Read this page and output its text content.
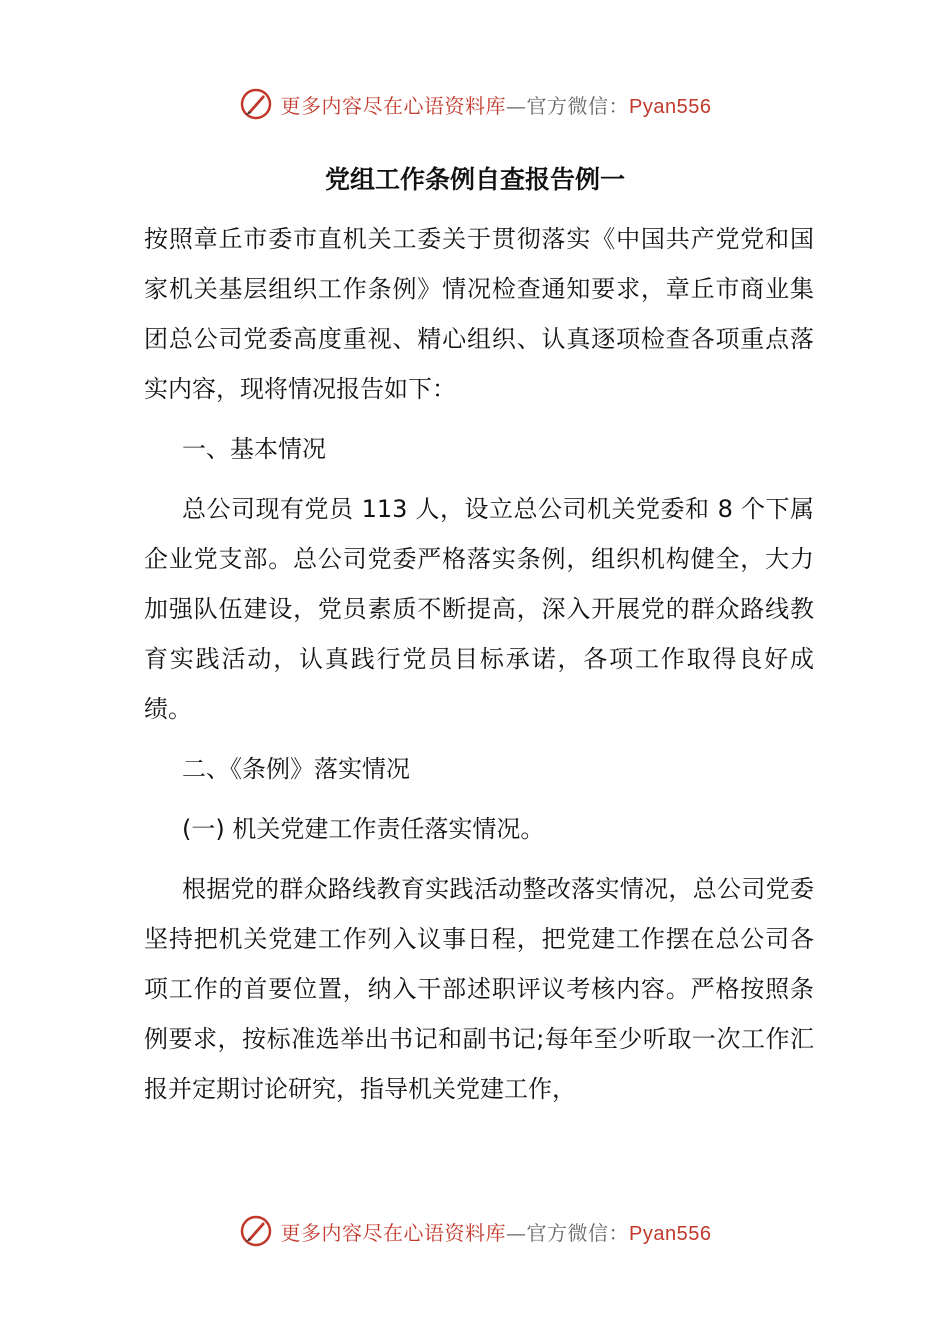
更多内容尽在心语资料库—官方微信：Pyan556
党组工作条例自查报告例一

按照章丘市委市直机关工委关于贯彻落实《中国共产党党和国家机关基层组织工作条例》情况检查通知要求，章丘市商业集团总公司党委高度重视、精心组织、认真逐项检查各项重点落实内容，现将情况报告如下：

一、基本情况

总公司现有党员 113 人，设立总公司机关党委和 8 个下属企业党支部。总公司党委严格落实条例，组织机构健全，大力加强队伍建设，党员素质不断提高，深入开展党的群众路线教育实践活动，认真践行党员目标承诺，各项工作取得良好成绩。

二、《条例》落实情况

(一) 机关党建工作责任落实情况。

根据党的群众路线教育实践活动整改落实情况，总公司党委坚持把机关党建工作列入议事日程，把党建工作摆在总公司各项工作的首要位置，纳入干部述职评议考核内容。严格按照条例要求，按标准选举出书记和副书记;每年至少听取一次工作汇报并定期讨论研究，指导机关党建工作，

更多内容尽在心语资料库—官方微信：Pyan556
